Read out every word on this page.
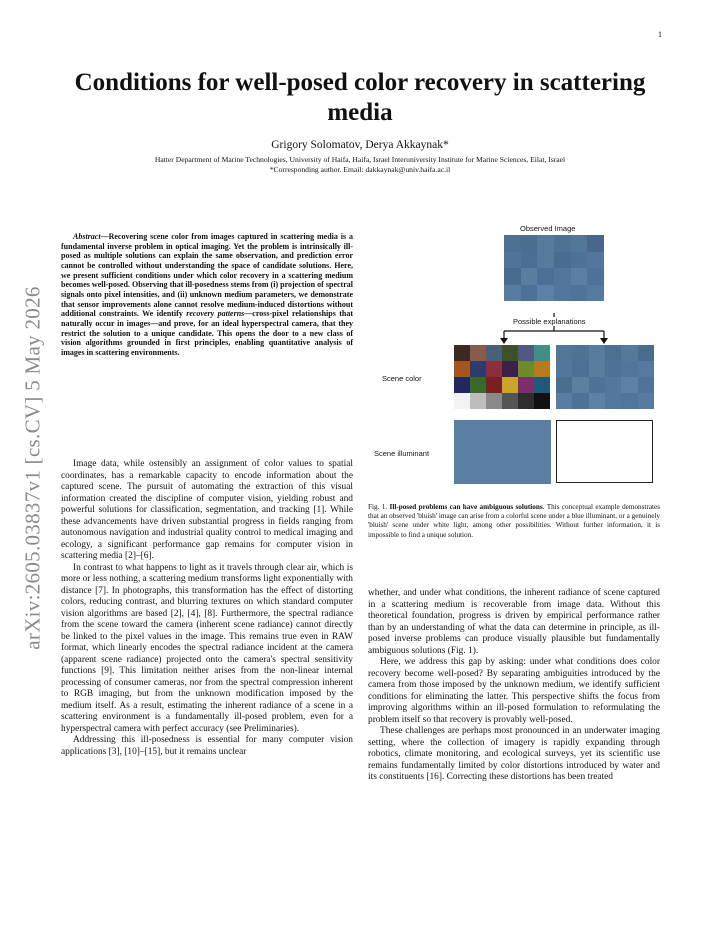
1
arXiv:2605.03837v1 [cs.CV] 5 May 2026
Conditions for well-posed color recovery in scattering media
Grigory Solomatov, Derya Akkaynak*
Hatter Department of Marine Technologies, University of Haifa, Haifa, Israel Interuniversity Institute for Marine Sciences, Eilat, Israel
*Corresponding author. Email: dakkaynak@univ.haifa.ac.il

Abstract—Recovering scene color from images captured in scattering media is a fundamental inverse problem in optical imaging. Yet the problem is intrinsically ill-posed as multiple solutions can explain the same observation, and prediction error cannot be controlled without understanding the space of candidate solutions. Here, we present sufficient conditions under which color recovery in a scattering medium becomes well-posed. Observing that ill-posedness stems from (i) projection of spectral signals onto pixel intensities, and (ii) unknown medium parameters, we demonstrate that sensor improvements alone cannot resolve medium-induced distortions without additional constraints. We identify recovery patterns—cross-pixel relationships that naturally occur in images—and prove, for an ideal hyperspectral camera, that they restrict the solution to a unique candidate. This opens the door to a new class of vision algorithms grounded in first principles, enabling quantitative analysis of images in scattering environments.

Image data, while ostensibly an assignment of color values to spatial coordinates, has a remarkable capacity to encode information about the captured scene. The pursuit of automating the extraction of this visual information created the discipline of computer vision, yielding robust and powerful solutions for classification, segmentation, and tracking [1]. While these advancements have driven substantial progress in fields ranging from autonomous navigation and industrial quality control to medical imaging and ecology, a significant performance gap remains for computer vision in scattering media [2]–[6].

In contrast to what happens to light as it travels through clear air, which is more or less nothing, a scattering medium transforms light exponentially with distance [7]. In photographs, this transformation has the effect of distorting colors, reducing contrast, and blurring textures on which standard computer vision algorithms are based [2], [4], [8]. Furthermore, the spectral radiance from the scene toward the camera (inherent scene radiance) cannot directly be linked to the pixel values in the image. This remains true even in RAW format, which linearly encodes the spectral radiance incident at the camera (apparent scene radiance) projected onto the camera's spectral sensitivity functions [9]. This limitation neither arises from the non-linear internal processing of consumer cameras, nor from the spectral compression inherent to RGB imaging, but from the unknown modification imposed by the medium itself. As a result, estimating the inherent radiance of a scene in a scattering environment is a fundamentally ill-posed problem, even for a hyperspectral camera with perfect accuracy (see Preliminaries).

Addressing this ill-posedness is essential for many computer vision applications [3], [10]–[15], but it remains unclear

Observed Image
Possible explanations
Scene color
Scene illuminant
Fig. 1. Ill-posed problems can have ambiguous solutions. This conceptual example demonstrates that an observed 'bluish' image can arise from a colorful scene under a blue illuminant, or a genuinely 'bluish' scene under white light, among other possibilities. Without further information, it is impossible to find a unique solution.

whether, and under what conditions, the inherent radiance of scene captured in a scattering medium is recoverable from image data. Without this theoretical foundation, progress is driven by empirical performance rather than by an understanding of what the data can determine in principle, as ill-posed inverse problems can produce visually plausible but fundamentally ambiguous solutions (Fig. 1).

Here, we address this gap by asking: under what conditions does color recovery become well-posed? By separating ambiguities introduced by the camera from those imposed by the unknown medium, we identify sufficient conditions for eliminating the latter. This perspective shifts the focus from improving algorithms within an ill-posed formulation to reformulating the problem itself so that recovery is provably well-posed.

These challenges are perhaps most pronounced in an underwater imaging setting, where the collection of imagery is rapidly expanding through robotics, climate monitoring, and ecological surveys, yet its scientific use remains fundamentally limited by color distortions introduced by water and its constituents [16]. Correcting these distortions has been treated
